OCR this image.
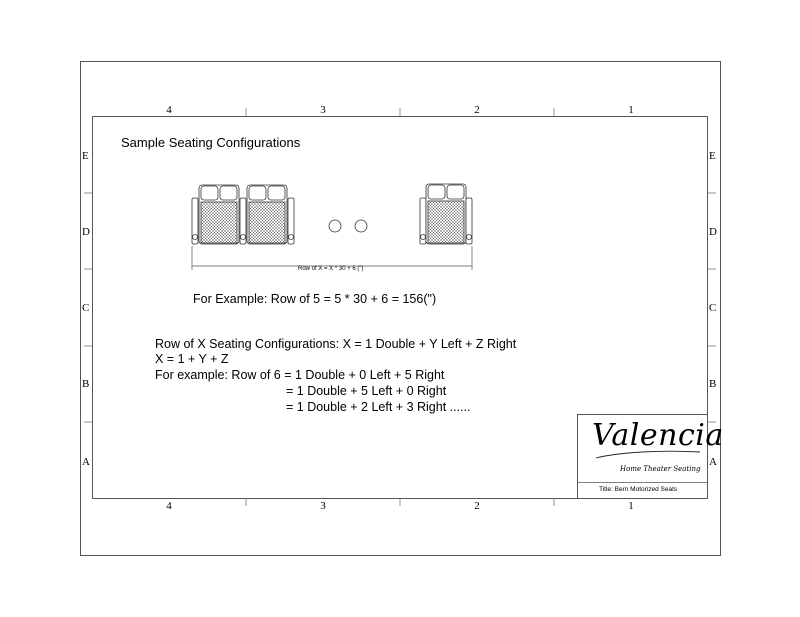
4	3	2	1
4	3	2	1
E
D
C
B
A
E
D
C
B
A
Sample Seating Configurations
Row of X = X * 30 + 6 (")
For Example: Row of 5 = 5 * 30 + 6 = 156(")
Row of X Seating Configurations: X = 1 Double + Y Left + Z Right
X = 1 + Y + Z
For example: Row of 6 = 1 Double + 0 Left + 5 Right
= 1 Double + 5 Left + 0 Right
= 1 Double + 2 Left + 3 Right ......
Valencia
Home Theater Seating
Title: Bern Motorized Seats
